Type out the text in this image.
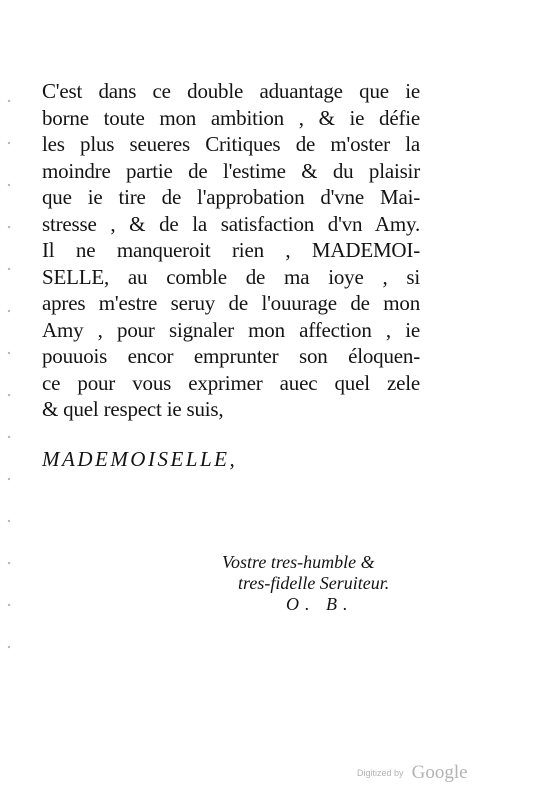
C'est dans ce double aduantage que ie
borne toute mon ambition , & ie défie
les plus seueres Critiques de m'oster la
moindre partie de l'estime & du plaisir
que ie tire de l'approbation d'vne Mai-
stresse , & de la satisfaction d'vn Amy.
Il ne manqueroit rien , MADEMOI-
SELLE, au comble de ma ioye , si
apres m'estre seruy de l'ouurage de mon
Amy , pour signaler mon affection , ie
pouuois encor emprunter son éloquen-
ce pour vous exprimer auec quel zele
& quel respect ie suis,
MADEMOISELLE,
Vostre tres-humble &
tres-fidelle Seruiteur.
O. B.
Digitized by Google
